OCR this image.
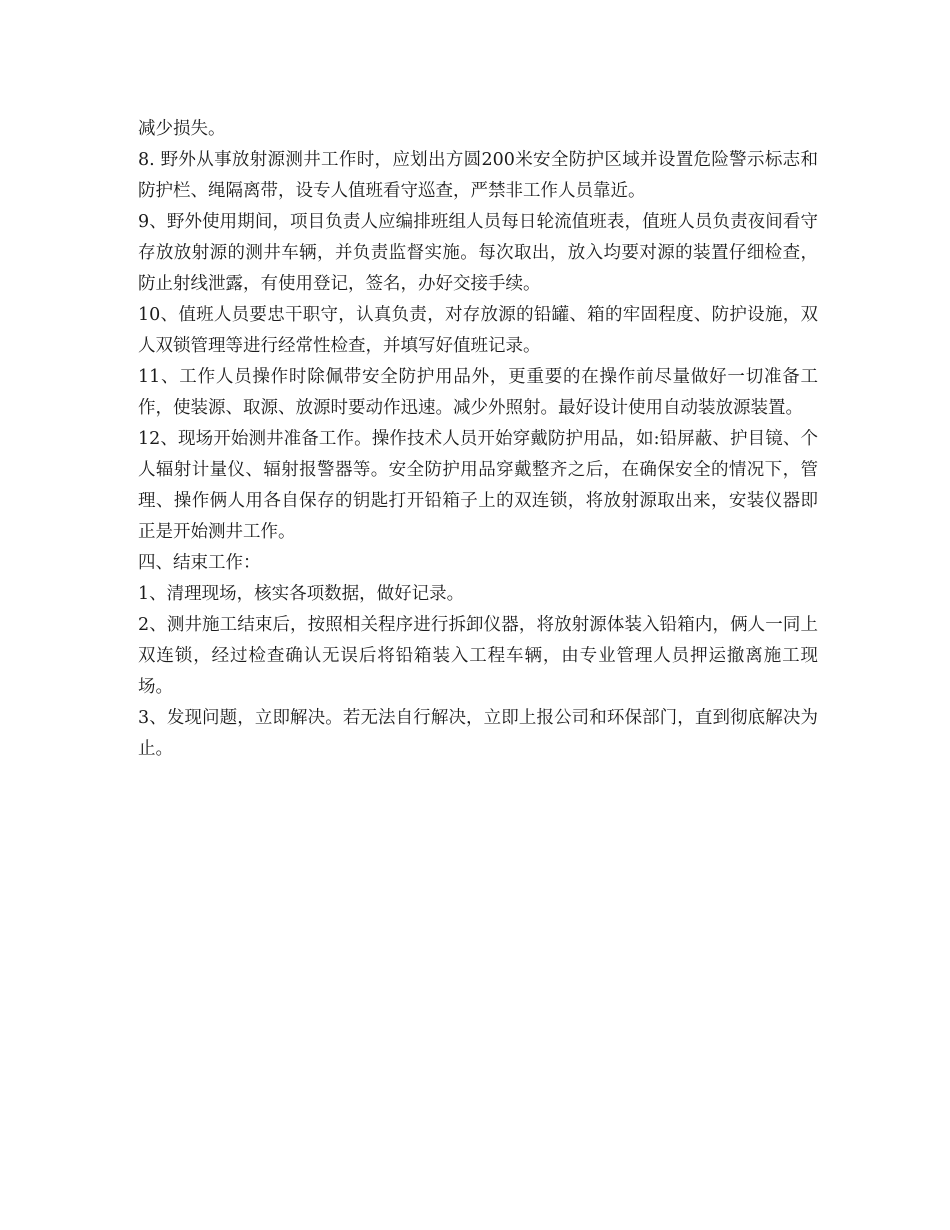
减少损失。

8. 野外从事放射源测井工作时，应划出方圆200米安全防护区域并设置危险警示标志和防护栏、绳隔离带，设专人值班看守巡查，严禁非工作人员靠近。

9、野外使用期间，项目负责人应编排班组人员每日轮流值班表，值班人员负责夜间看守存放放射源的测井车辆，并负责监督实施。每次取出，放入均要对源的装置仔细检查，防止射线泄露，有使用登记，签名，办好交接手续。

10、值班人员要忠干职守，认真负责，对存放源的铅罐、箱的牢固程度、防护设施，双人双锁管理等进行经常性检查，并填写好值班记录。

11、工作人员操作时除佩带安全防护用品外，更重要的在操作前尽量做好一切准备工作，使装源、取源、放源时要动作迅速。减少外照射。最好设计使用自动装放源装置。

12、现场开始测井准备工作。操作技术人员开始穿戴防护用品，如:铅屏蔽、护目镜、个人辐射计量仪、辐射报警器等。安全防护用品穿戴整齐之后，在确保安全的情况下，管理、操作俩人用各自保存的钥匙打开铅箱子上的双连锁，将放射源取出来，安装仪器即正是开始测井工作。

四、结束工作：

1、清理现场，核实各项数据，做好记录。

2、测井施工结束后，按照相关程序进行拆卸仪器，将放射源体装入铅箱内，俩人一同上双连锁，经过检查确认无误后将铅箱装入工程车辆，由专业管理人员押运撤离施工现场。

3、发现问题，立即解决。若无法自行解决，立即上报公司和环保部门，直到彻底解决为止。
